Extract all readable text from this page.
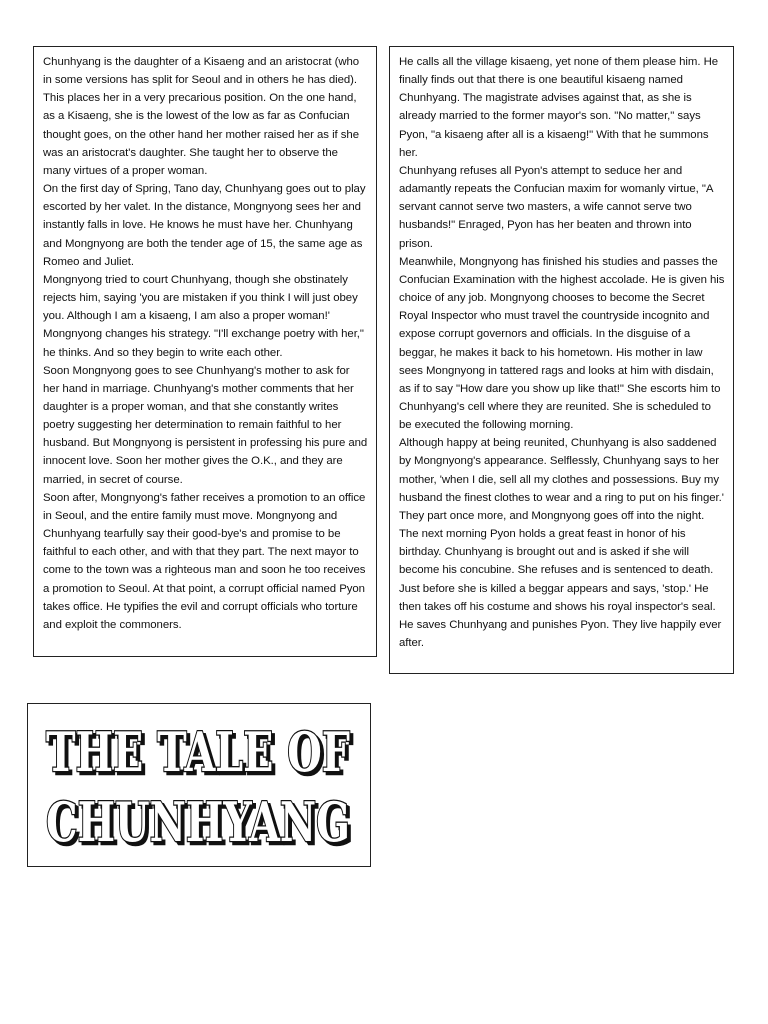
Chunhyang is the daughter of a Kisaeng and an aristocrat (who in some versions has split for Seoul and in others he has died). This places her in a very precarious position. On the one hand, as a Kisaeng, she is the lowest of the low as far as Confucian thought goes, on the other hand her mother raised her as if she was an aristocrat's daughter. She taught her to observe the many virtues of a proper woman.

On the first day of Spring, Tano day, Chunhyang goes out to play escorted by her valet. In the distance, Mongnyong sees her and instantly falls in love. He knows he must have her. Chunhyang and Mongnyong are both the tender age of 15, the same age as Romeo and Juliet.

Mongnyong tried to court Chunhyang, though she obstinately rejects him, saying 'you are mistaken if you think I will just obey you. Although I am a kisaeng, I am also a proper woman!' Mongnyong changes his strategy. "I'll exchange poetry with her," he thinks. And so they begin to write each other.

Soon Mongnyong goes to see Chunhyang's mother to ask for her hand in marriage. Chunhyang's mother comments that her daughter is a proper woman, and that she constantly writes poetry suggesting her determination to remain faithful to her husband. But Mongnyong is persistent in professing his pure and innocent love. Soon her mother gives the O.K., and they are married, in secret of course.

Soon after, Mongnyong's father receives a promotion to an office in Seoul, and the entire family must move. Mongnyong and Chunhyang tearfully say their good-bye's and promise to be faithful to each other, and with that they part. The next mayor to come to the town was a righteous man and soon he too receives a promotion to Seoul. At that point, a corrupt official named Pyon takes office. He typifies the evil and corrupt officials who torture and exploit the commoners.

He calls all the village kisaeng, yet none of them please him. He finally finds out that there is one beautiful kisaeng named Chunhyang. The magistrate advises against that, as she is already married to the former mayor's son. "No matter," says Pyon, "a kisaeng after all is a kisaeng!" With that he summons her.

Chunhyang refuses all Pyon's attempt to seduce her and adamantly repeats the Confucian maxim for womanly virtue, "A servant cannot serve two masters, a wife cannot serve two husbands!" Enraged, Pyon has her beaten and thrown into prison.

Meanwhile, Mongnyong has finished his studies and passes the Confucian Examination with the highest accolade. He is given his choice of any job. Mongnyong chooses to become the Secret Royal Inspector who must travel the countryside incognito and expose corrupt governors and officials. In the disguise of a beggar, he makes it back to his hometown. His mother in law sees Mongnyong in tattered rags and looks at him with disdain, as if to say "How dare you show up like that!" She escorts him to Chunhyang's cell where they are reunited. She is scheduled to be executed the following morning.

Although happy at being reunited, Chunhyang is also saddened by Mongnyong's appearance. Selflessly, Chunhyang says to her mother, 'when I die, sell all my clothes and possessions. Buy my husband the finest clothes to wear and a ring to put on his finger.' They part once more, and Mongnyong goes off into the night.

The next morning Pyon holds a great feast in honor of his birthday. Chunhyang is brought out and is asked if she will become his concubine. She refuses and is sentenced to death. Just before she is killed a beggar appears and says, 'stop.' He then takes off his costume and shows his royal inspector's seal. He saves Chunhyang and punishes Pyon. They live happily ever after.

THE TALE OF
THE TALE OF
CHUNHYANG
CHUNHYANG
